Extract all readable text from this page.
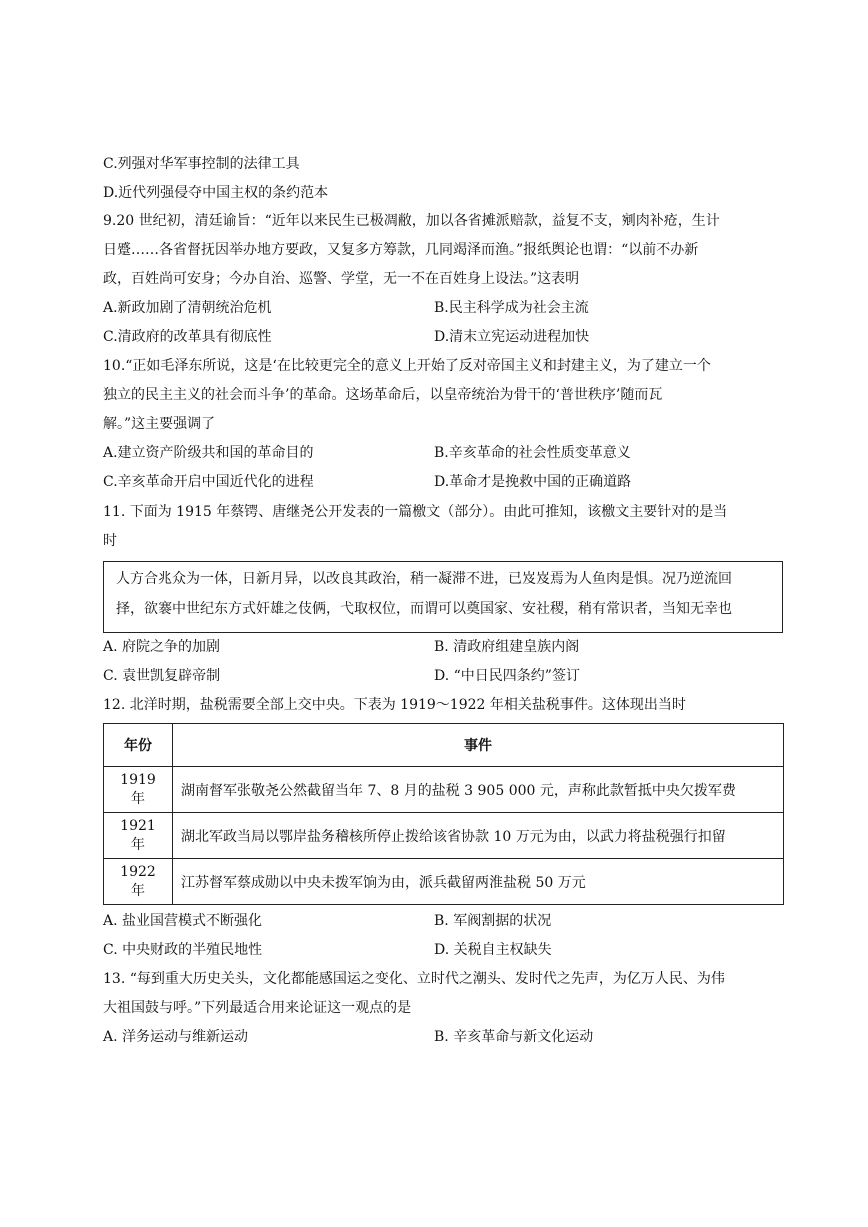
C.列强对华军事控制的法律工具
D.近代列强侵夺中国主权的条约范本
9.20 世纪初，清廷谕旨：“近年以来民生已极凋敝，加以各省摊派赔款，益复不支，剜肉补疮，生计
日蹙……各省督抚因举办地方要政，又复多方筹款，几同竭泽而渔。”报纸舆论也谓：“以前不办新
政，百姓尚可安身；今办自治、巡警、学堂，无一不在百姓身上设法。”这表明
A.新政加剧了清朝统治危机	B.民主科学成为社会主流
C.清政府的改革具有彻底性	D.清末立宪运动进程加快
10.“正如毛泽东所说，这是‘在比较更完全的意义上开始了反对帝国主义和封建主义，为了建立一个
独立的民主主义的社会而斗争’的革命。这场革命后，以皇帝统治为骨干的‘普世秩序’随而瓦
解。”这主要强调了
A.建立资产阶级共和国的革命目的	B.辛亥革命的社会性质变革意义
C.辛亥革命开启中国近代化的进程	D.革命才是挽救中国的正确道路
11. 下面为 1915 年蔡锷、唐继尧公开发表的一篇檄文（部分）。由此可推知，该檄文主要针对的是当
时
人方合兆众为一体，日新月异，以改良其政治，稍一凝滞不进，已岌岌焉为人鱼肉是惧。况乃逆流回
择，欲褰中世纪东方式奸雄之伎俩，弋取权位，而谓可以奠国家、安社稷，稍有常识者，当知无幸也
A. 府院之争的加剧	B. 清政府组建皇族内阁
C. 袁世凯复辟帝制	D. “中日民四条约”签订
12. 北洋时期，盐税需要全部上交中央。下表为 1919～1922 年相关盐税事件。这体现出当时
年份	事件
1919 年	湖南督军张敬尧公然截留当年 7、8 月的盐税 3 905 000 元，声称此款暂抵中央欠拨军费
1921 年	湖北军政当局以鄂岸盐务稽核所停止拨给该省协款 10 万元为由，以武力将盐税强行扣留
1922 年	江苏督军蔡成勋以中央未拨军饷为由，派兵截留两淮盐税 50 万元
A. 盐业国营模式不断强化	B. 军阀割据的状况
C. 中央财政的半殖民地性	D. 关税自主权缺失
13. “每到重大历史关头，文化都能感国运之变化、立时代之潮头、发时代之先声，为亿万人民、为伟
大祖国鼓与呼。”下列最适合用来论证这一观点的是
A. 洋务运动与维新运动	B. 辛亥革命与新文化运动
